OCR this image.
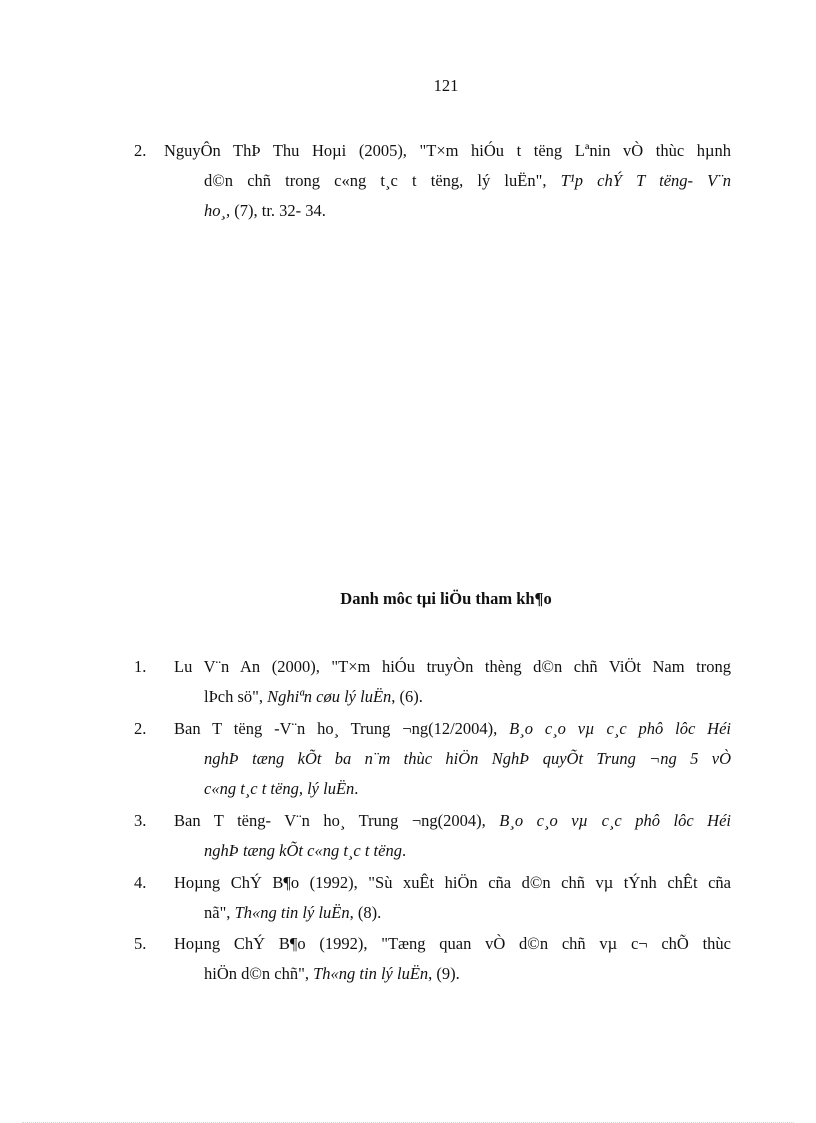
121
2. NguyÔn ThÞ Thu Hoµi (2005), "T×m hiÓu t tëng Lªnin vÒ thùc hµnh
d©n chñ trong c«ng t¸c t tëng, lý luËn", T¹p chÝ T tëng- V¨n
ho¸, (7), tr. 32- 34.
Danh môc tµi liÖu tham kh¶o
1. Lu V¨n An (2000), "T×m hiÓu truyÒn thèng d©n chñ ViÖt Nam trong
lÞch sö", Nghiªn cøu lý luËn, (6).
2. Ban T tëng -V¨n ho¸ Trung ¬ng(12/2004), B¸o c¸o vµ c¸c phô lôc Héi
nghÞ tæng kÕt ba n¨m thùc hiÖn NghÞ quyÕt Trung ¬ng 5 vÒ
c«ng t¸c t tëng, lý luËn.
3. Ban T tëng- V¨n ho¸ Trung ¬ng(2004), B¸o c¸o vµ c¸c phô lôc Héi
nghÞ tæng kÕt c«ng t¸c t tëng.
4. Hoµng ChÝ B¶o (1992), "Sù xuÊt hiÖn cña d©n chñ vµ tÝnh chÊt cña
nã", Th«ng tin lý luËn, (8).
5. Hoµng ChÝ B¶o (1992), "Tæng quan vÒ d©n chñ vµ c¬ chÕ thùc
hiÖn d©n chñ", Th«ng tin lý luËn, (9).
